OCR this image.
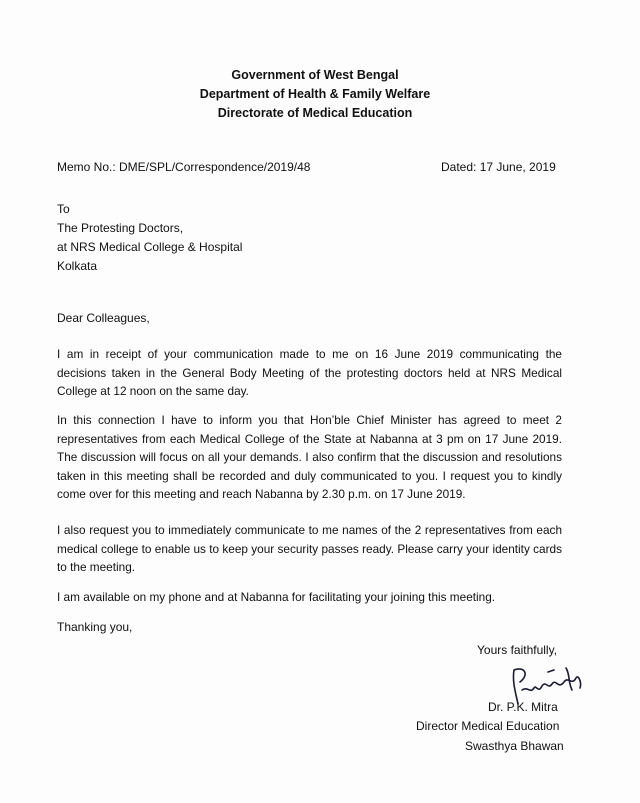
Government of West Bengal
Department of Health & Family Welfare
Directorate of Medical Education
Memo No.: DME/SPL/Correspondence/2019/48	Dated: 17 June, 2019
To
The Protesting Doctors,
at NRS Medical College & Hospital
Kolkata
Dear Colleagues,
I am in receipt of your communication made to me on 16 June 2019 communicating the decisions taken in the General Body Meeting of the protesting doctors held at NRS Medical College at 12 noon on the same day.
In this connection I have to inform you that Hon’ble Chief Minister has agreed to meet 2 representatives from each Medical College of the State at Nabanna at 3 pm on 17 June 2019. The discussion will focus on all your demands. I also confirm that the discussion and resolutions taken in this meeting shall be recorded and duly communicated to you. I request you to kindly come over for this meeting and reach Nabanna by 2.30 p.m. on 17 June 2019.
I also request you to immediately communicate to me names of the 2 representatives from each medical college to enable us to keep your security passes ready. Please carry your identity cards to the meeting.
I am available on my phone and at Nabanna for facilitating your joining this meeting.
Thanking you,
Yours faithfully,
Dr. P.K. Mitra
Director Medical Education
Swasthya Bhawan
